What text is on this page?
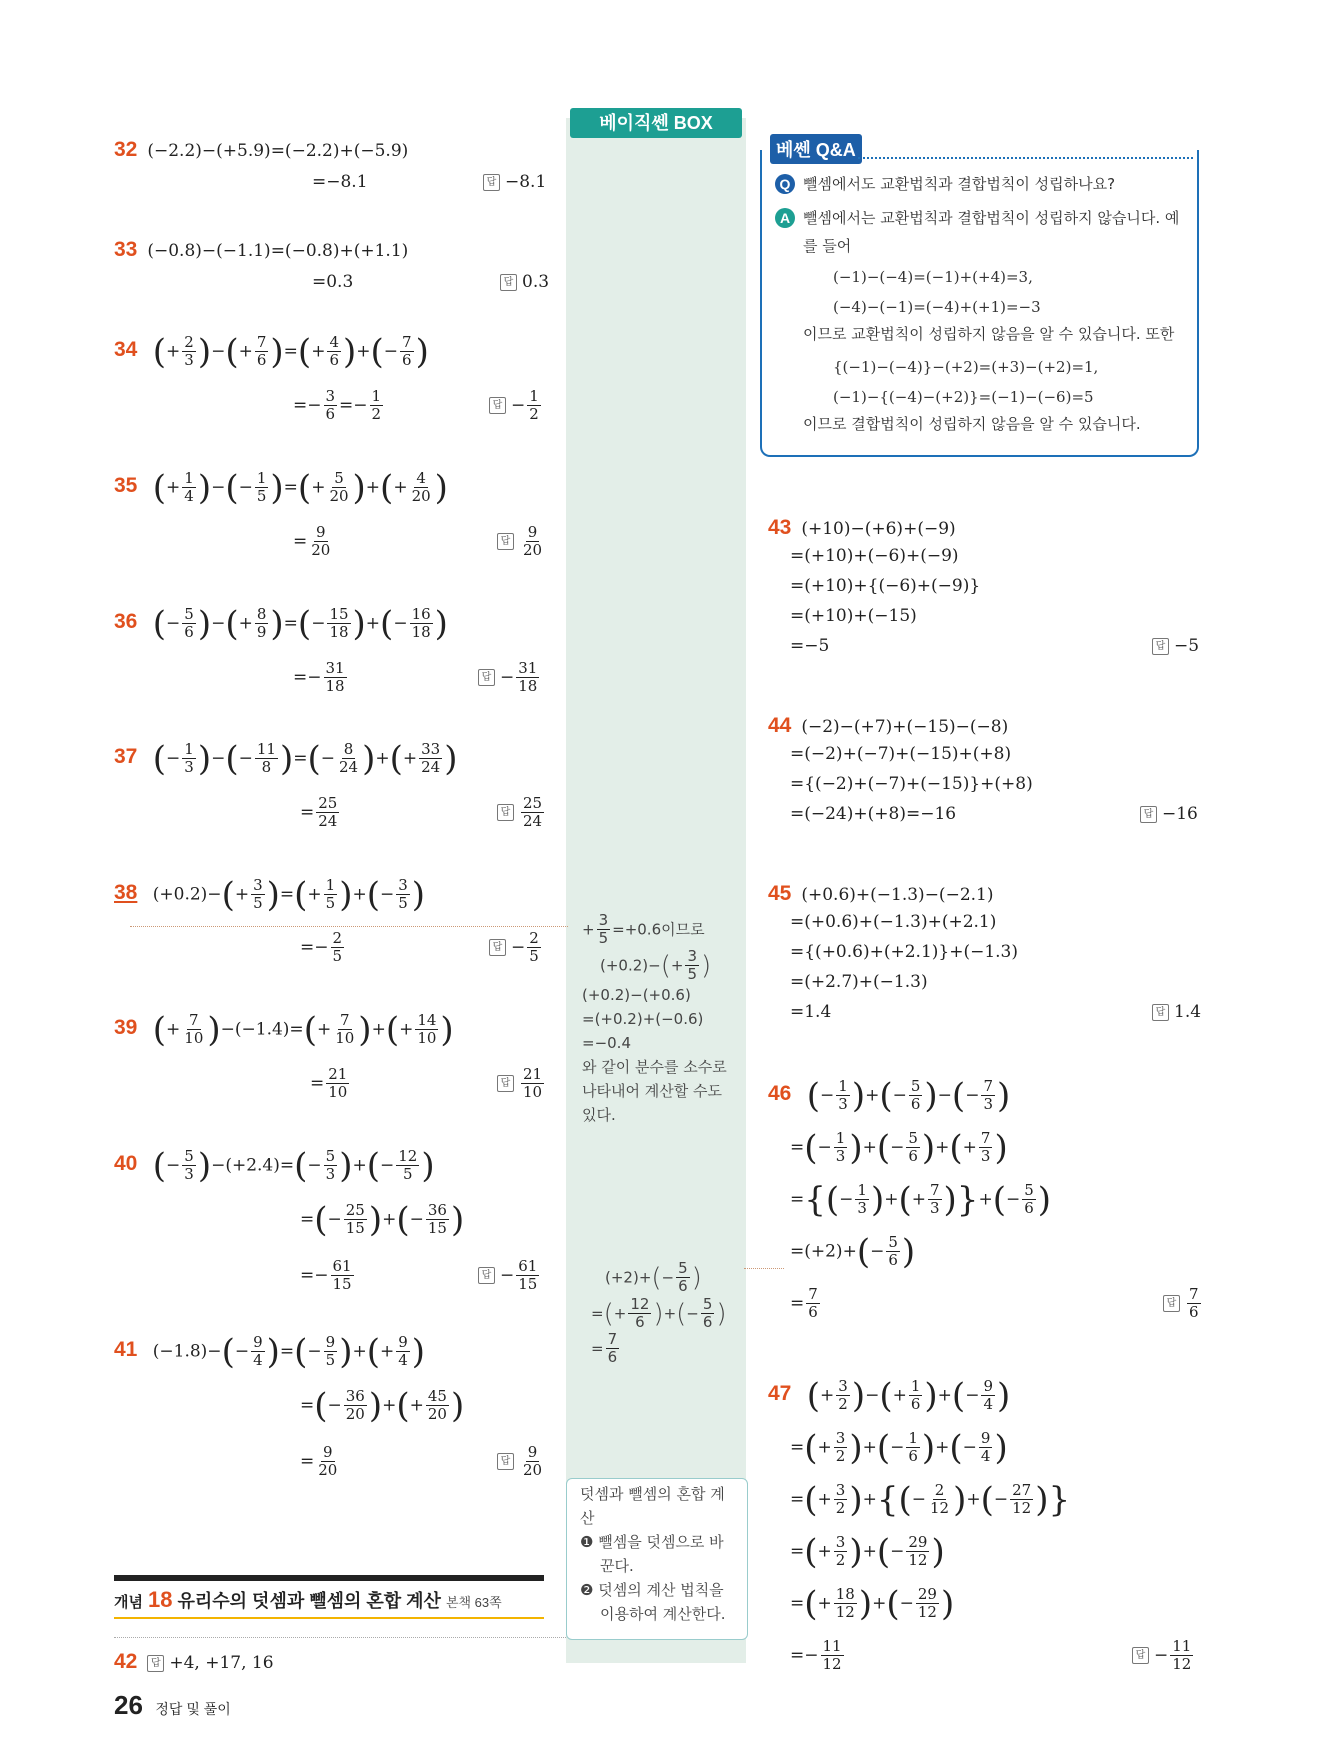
베이직쎈 BOX
베쎈 Q&A
Q 뺄셈에서도 교환법칙과 결합법칙이 성립하나요?
A 뺄셈에서는 교환법칙과 결합법칙이 성립하지 않습니다. 예
를 들어
(−1)−(−4)=(−1)+(+4)=3,
(−4)−(−1)=(−4)+(+1)=−3
이므로 교환법칙이 성립하지 않음을 알 수 있습니다. 또한
{(−1)−(−4)}−(+2)=(+3)−(+2)=1,
(−1)−{(−4)−(+2)}=(−1)−(−6)=5
이므로 결합법칙이 성립하지 않음을 알 수 있습니다.
32 (−2.2)−(+5.9)=(−2.2)+(−5.9)
=−8.1	답 −8.1
33 (−0.8)−(−1.1)=(−0.8)+(+1.1)
=0.3	답 0.3
34 (+ $\frac{2}{3}$ )−(+ $\frac{7}{6}$ )=(+ $\frac{4}{6}$ )+(− $\frac{7}{6}$ )
=− $\frac{3}{6} =- \frac{1}{2}$	답 − $\frac{1}{2}$
35 (+ $\frac{1}{4}$ )−(− $\frac{1}{5}$ )=(+ $\frac{5}{20}$ )+(+ $\frac{4}{20}$ )
= $\frac{9}{20}$	답 $\frac{9}{20}$
36 (− $\frac{5}{6}$ )−(+ $\frac{8}{9}$ )=(− $\frac{15}{18}$ )+(− $\frac{16}{18}$ )
=− $\frac{31}{18}$	답 − $\frac{31}{18}$
37 (− $\frac{1}{3}$ )−(− $\frac{11}{8}$ )=(− $\frac{8}{24}$ )+(+ $\frac{33}{24}$ )
= $\frac{25}{24}$	답 $\frac{25}{24}$
38 $(+0.2)-(+ \frac{3}{5}$ )=(+ $\frac{1}{5}$ )+(− $\frac{3}{5}$ )
=− $\frac{2}{5}$	답 − $\frac{2}{5}$
39 (+ $\frac{7}{10} )-(-1.4)=(+ \frac{7}{10}$ )+(+ $\frac{14}{10}$ )
= $\frac{21}{10}$	답 $\frac{21}{10}$
40 (− $\frac{5}{3} )-(+2.4)=(- \frac{5}{3}$ )+(− $\frac{12}{5}$ )
=(− $\frac{25}{15}$ )+(− $\frac{36}{15}$ )
=− $\frac{61}{15}$	답 − $\frac{61}{15}$
41 $(-1.8)-(- \frac{9}{4}$ )=(− $\frac{9}{5}$ )+(+ $\frac{9}{4}$ )
=(− $\frac{36}{20}$ )+(+ $\frac{45}{20}$ )
= $\frac{9}{20}$	답 $\frac{9}{20}$
개념 18 유리수의 덧셈과 뺄셈의 혼합 계산 본책 63쪽
42 답 +4, +17, 16
26 정답 및 풀이
+ $\frac{3}{5} =+0.6$이므로
$(+0.2)-(+ \frac{3}{5}$ )
(+0.2)−(+0.6)
=(+0.2)+(−0.6)
=−0.4
와 같이 분수를 소수로
나타내어 계산할 수도
있다.
$(+2)+(- \frac{5}{6}$ )
=(+ $\frac{12}{6}$ )+(− $\frac{5}{6}$ )
= $\frac{7}{6}$
덧셈과 뺄셈의 혼합 계
산
❶ 뺄셈을 덧셈으로 바
꾼다.
❷ 덧셈의 계산 법칙을
이용하여 계산한다.
43 (+10)−(+6)+(−9)
=(+10)+(−6)+(−9)
=(+10)+{(−6)+(−9)}
=(+10)+(−15)
=−5	답 −5
44 (−2)−(+7)+(−15)−(−8)
=(−2)+(−7)+(−15)+(+8)
={(−2)+(−7)+(−15)}+(+8)
=(−24)+(+8)=−16	답 −16
45 (+0.6)+(−1.3)−(−2.1)
=(+0.6)+(−1.3)+(+2.1)
={(+0.6)+(+2.1)}+(−1.3)
=(+2.7)+(−1.3)
=1.4	답 1.4
46 (− $\frac{1}{3}$ )+(− $\frac{5}{6}$ )−(− $\frac{7}{3}$ )
=(− $\frac{1}{3}$ )+(− $\frac{5}{6}$ )+(+ $\frac{7}{3}$ )
={(− $\frac{1}{3}$ )+(+ $\frac{7}{3}$ )}+(− $\frac{5}{6}$ )
$=(+2)+(- \frac{5}{6}$ )
= $\frac{7}{6}$	답 $\frac{7}{6}$
47 (+ $\frac{3}{2}$ )−(+ $\frac{1}{6}$ )+(− $\frac{9}{4}$ )
=(+ $\frac{3}{2}$ )+(− $\frac{1}{6}$ )+(− $\frac{9}{4}$ )
=(+ $\frac{3}{2}$ )+{(− $\frac{2}{12}$ )+(− $\frac{27}{12}$ )}
=(+ $\frac{3}{2}$ )+(− $\frac{29}{12}$ )
=(+ $\frac{18}{12}$ )+(− $\frac{29}{12}$ )
=− $\frac{11}{12}$	답 − $\frac{11}{12}$
